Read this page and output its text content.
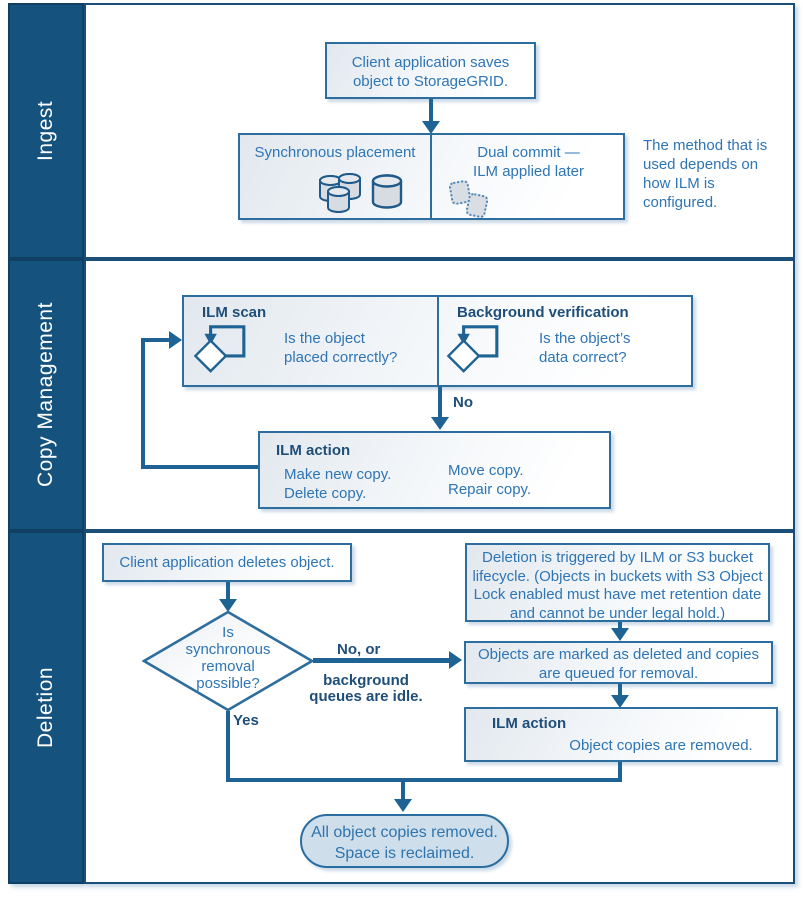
Ingest
Copy Management
Deletion
Client application saves
object to StorageGRID.
Synchronous placement	Dual commit —
ILM applied later
The method that is
used depends on
how ILM is
configured.
ILM scan
Is the object
placed correctly?
Background verification
Is the object’s
data correct?
No
ILM action
Make new copy.
Delete copy.
Move copy.
Repair copy.
Client application deletes object.
Is
synchronous
removal
possible?
No, or
background
queues are idle.
Yes
Deletion is triggered by ILM or S3 bucket
lifecycle. (Objects in buckets with S3 Object
Lock enabled must have met retention date
and cannot be under legal hold.)
Objects are marked as deleted and copies
are queued for removal.
ILM action
Object copies are removed.
All object copies removed.
Space is reclaimed.
